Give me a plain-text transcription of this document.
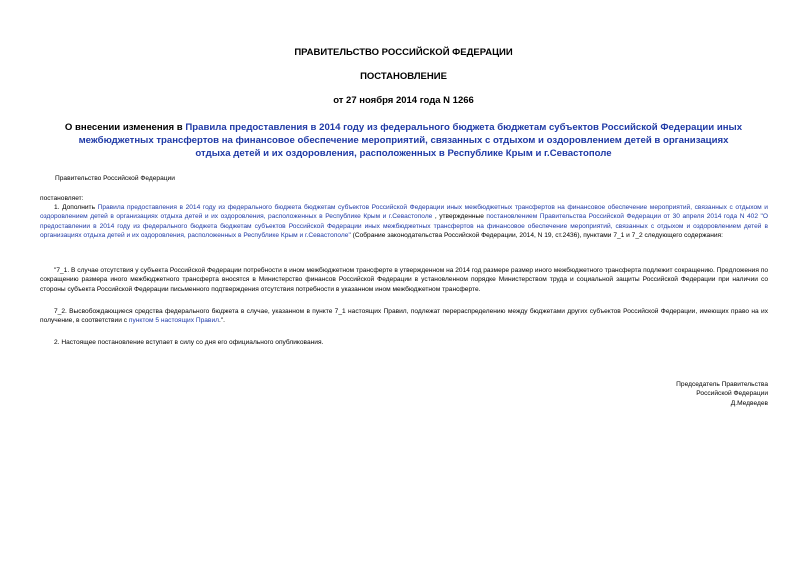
ПРАВИТЕЛЬСТВО РОССИЙСКОЙ ФЕДЕРАЦИИ
ПОСТАНОВЛЕНИЕ
от 27 ноября 2014 года N 1266
О внесении изменения в Правила предоставления в 2014 году из федерального бюджета бюджетам субъектов Российской Федерации иных межбюджетных трансфертов на финансовое обеспечение мероприятий, связанных с отдыхом и оздоровлением детей в организациях отдыха детей и их оздоровления, расположенных в Республике Крым и г.Севастополе
Правительство Российской Федерации
постановляет:
1. Дополнить Правила предоставления в 2014 году из федерального бюджета бюджетам субъектов Российской Федерации иных межбюджетных трансфертов на финансовое обеспечение мероприятий, связанных с отдыхом и оздоровлением детей в организациях отдыха детей и их оздоровления, расположенных в Республике Крым и г.Севастополе , утвержденные постановлением Правительства Российской Федерации от 30 апреля 2014 года N 402 "О предоставлении в 2014 году из федерального бюджета бюджетам субъектов Российской Федерации иных межбюджетных трансфертов на финансовое обеспечение мероприятий, связанных с отдыхом и оздоровлением детей в организациях отдыха детей и их оздоровления, расположенных в Республике Крым и г.Севастополе" (Собрание законодательства Российской Федерации, 2014, N 19, ст.2436), пунктами 7_1 и 7_2 следующего содержания:
"7_1. В случае отсутствия у субъекта Российской Федерации потребности в ином межбюджетном трансферте в утвержденном на 2014 год размере размер иного межбюджетного трансферта подлежит сокращению. Предложения по сокращению размера иного межбюджетного трансферта вносятся в Министерство финансов Российской Федерации в установленном порядке Министерством труда и социальной защиты Российской Федерации при наличии со стороны субъекта Российской Федерации письменного подтверждения отсутствия потребности в указанном ином межбюджетном трансферте.
7_2. Высвобождающиеся средства федерального бюджета в случае, указанном в пункте 7_1 настоящих Правил, подлежат перераспределению между бюджетами других субъектов Российской Федерации, имеющих право на их получение, в соответствии с пунктом 5 настоящих Правил.".
2. Настоящее постановление вступает в силу со дня его официального опубликования.
Председатель Правительства
Российской Федерации
Д.Медведев
